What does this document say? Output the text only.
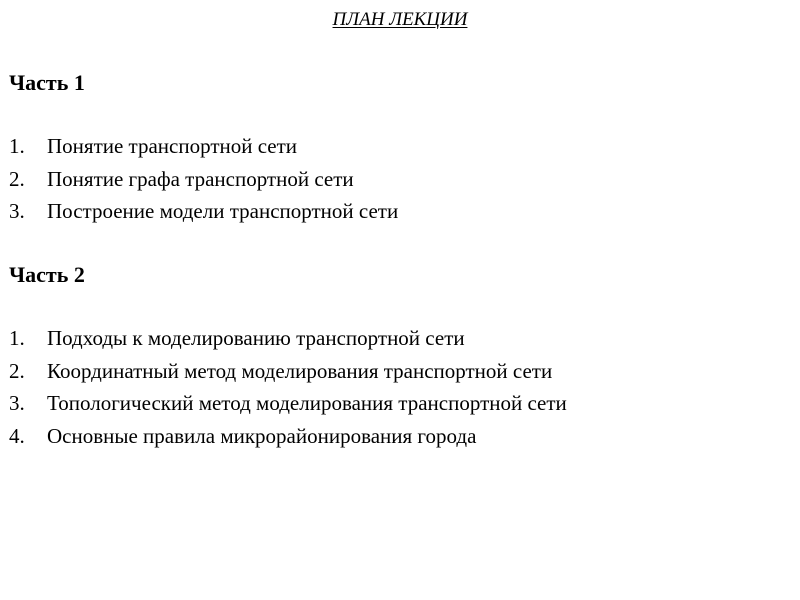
ПЛАН ЛЕКЦИИ

Часть 1

1.	Понятие транспортной сети
2.	Понятие графа транспортной сети
3.	Построение модели транспортной сети

Часть 2

1.	Подходы к моделированию транспортной сети
2.	Координатный метод моделирования транспортной сети
3.	Топологический метод моделирования транспортной сети
4.	Основные правила микрорайонирования города
